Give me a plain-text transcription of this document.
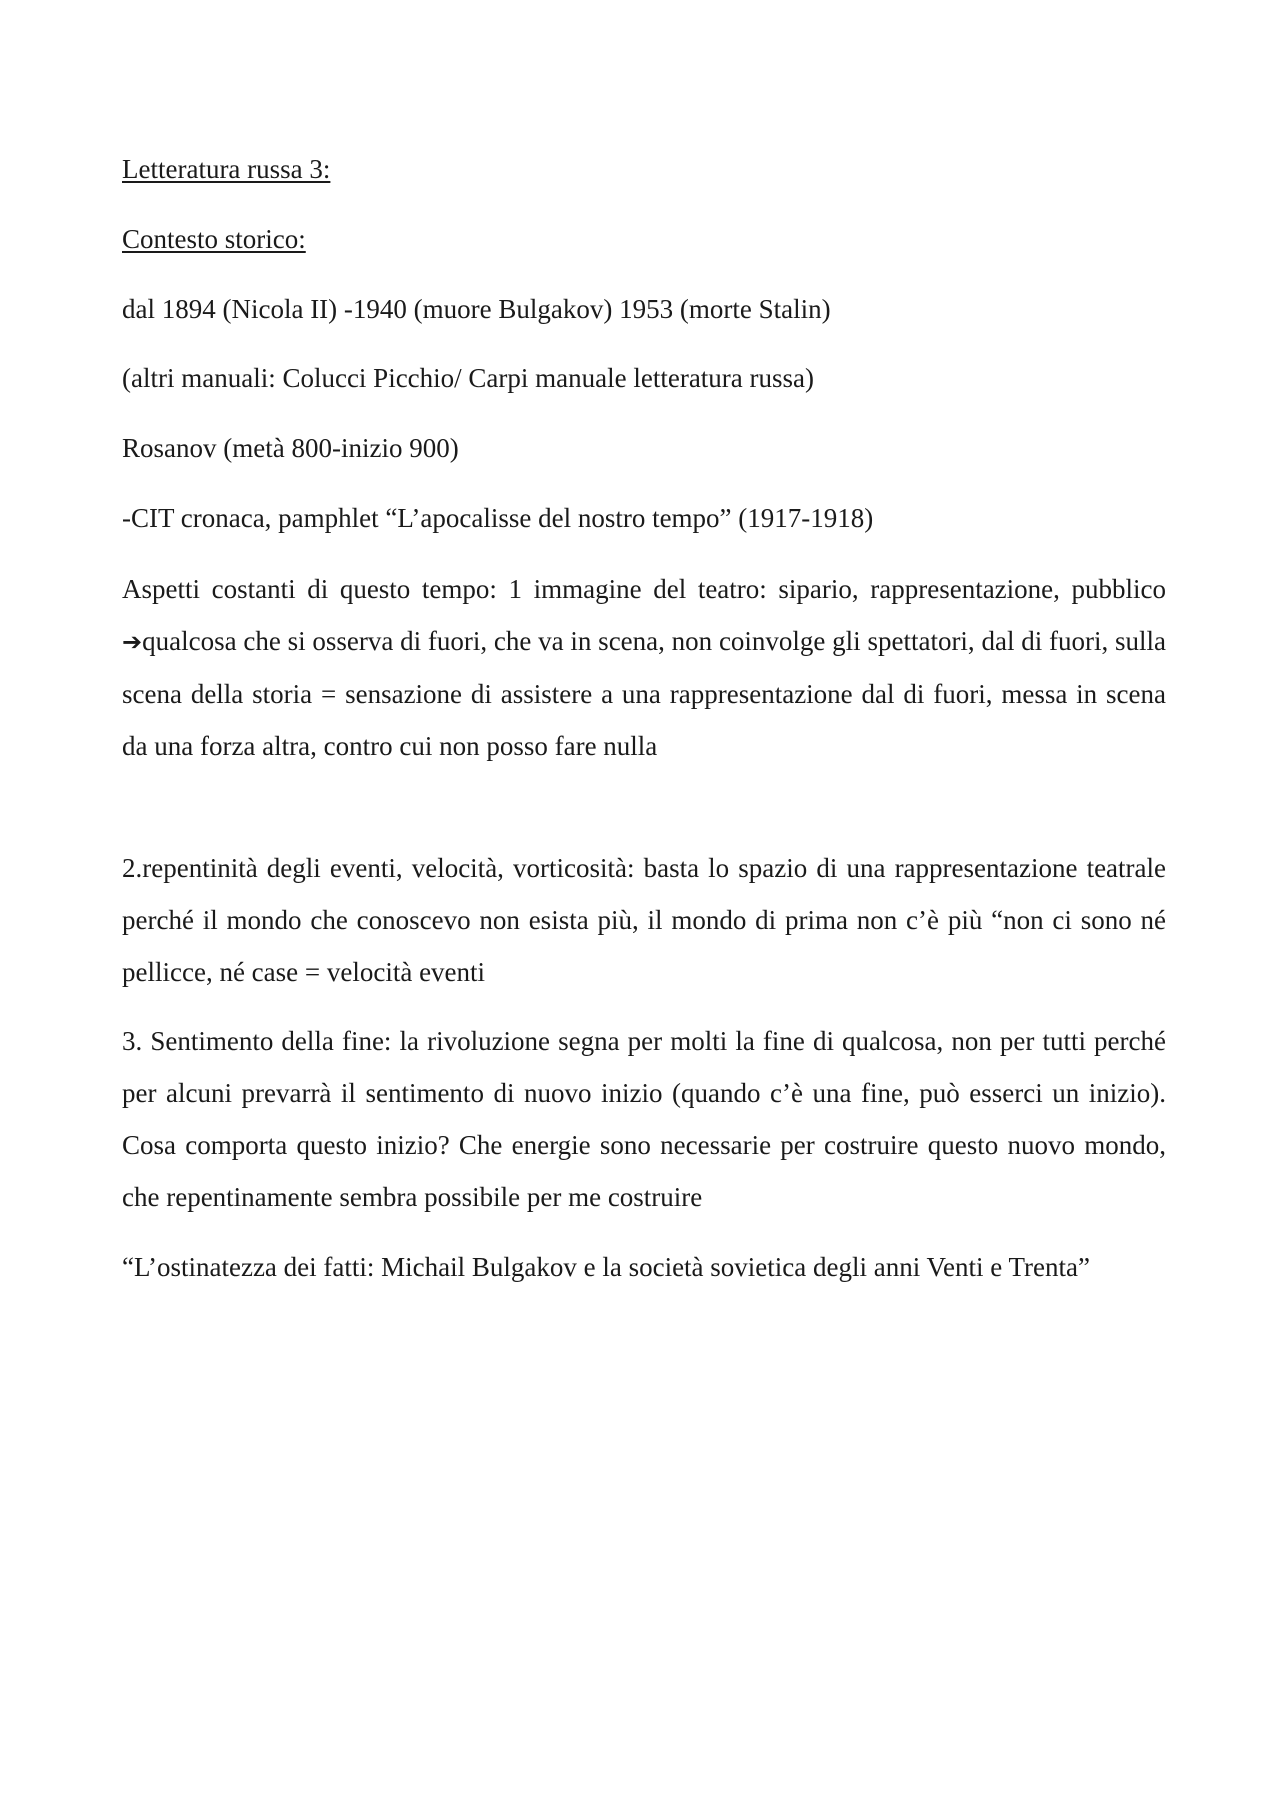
Letteratura russa 3:
Contesto storico:
dal 1894 (Nicola II) -1940 (muore Bulgakov) 1953 (morte Stalin)
(altri manuali: Colucci Picchio/ Carpi manuale letteratura russa)
Rosanov (metà 800-inizio 900)
-CIT cronaca, pamphlet “L’apocalisse del nostro tempo” (1917-1918)
Aspetti costanti di questo tempo: 1 immagine del teatro: sipario, rappresentazione, pubblico ➔qualcosa che si osserva di fuori, che va in scena, non coinvolge gli spettatori, dal di fuori, sulla scena della storia = sensazione di assistere a una rappresentazione dal di fuori, messa in scena da una forza altra, contro cui non posso fare nulla
2.repentinità degli eventi, velocità, vorticosità: basta lo spazio di una rappresentazione teatrale perché il mondo che conoscevo non esista più, il mondo di prima non c’è più “non ci sono né pellicce, né case = velocità eventi
3. Sentimento della fine: la rivoluzione segna per molti la fine di qualcosa, non per tutti perché per alcuni prevarrà il sentimento di nuovo inizio (quando c’è una fine, può esserci un inizio). Cosa comporta questo inizio? Che energie sono necessarie per costruire questo nuovo mondo, che repentinamente sembra possibile per me costruire
“L’ostinatezza dei fatti: Michail Bulgakov e la società sovietica degli anni Venti e Trenta”
